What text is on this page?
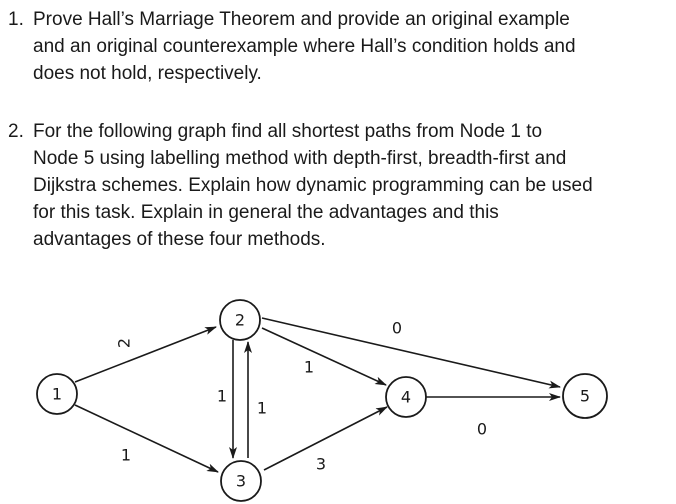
1. Prove Hall’s Marriage Theorem and provide an original example
and an original counterexample where Hall’s condition holds and
does not hold, respectively.
2. For the following graph find all shortest paths from Node 1 to
Node 5 using labelling method with depth-first, breadth-first and
Dijkstra schemes. Explain how dynamic programming can be used
for this task. Explain in general the advantages and this
advantages of these four methods.
2
1
1
1
1
0
3
0
1
2
3
4	5
